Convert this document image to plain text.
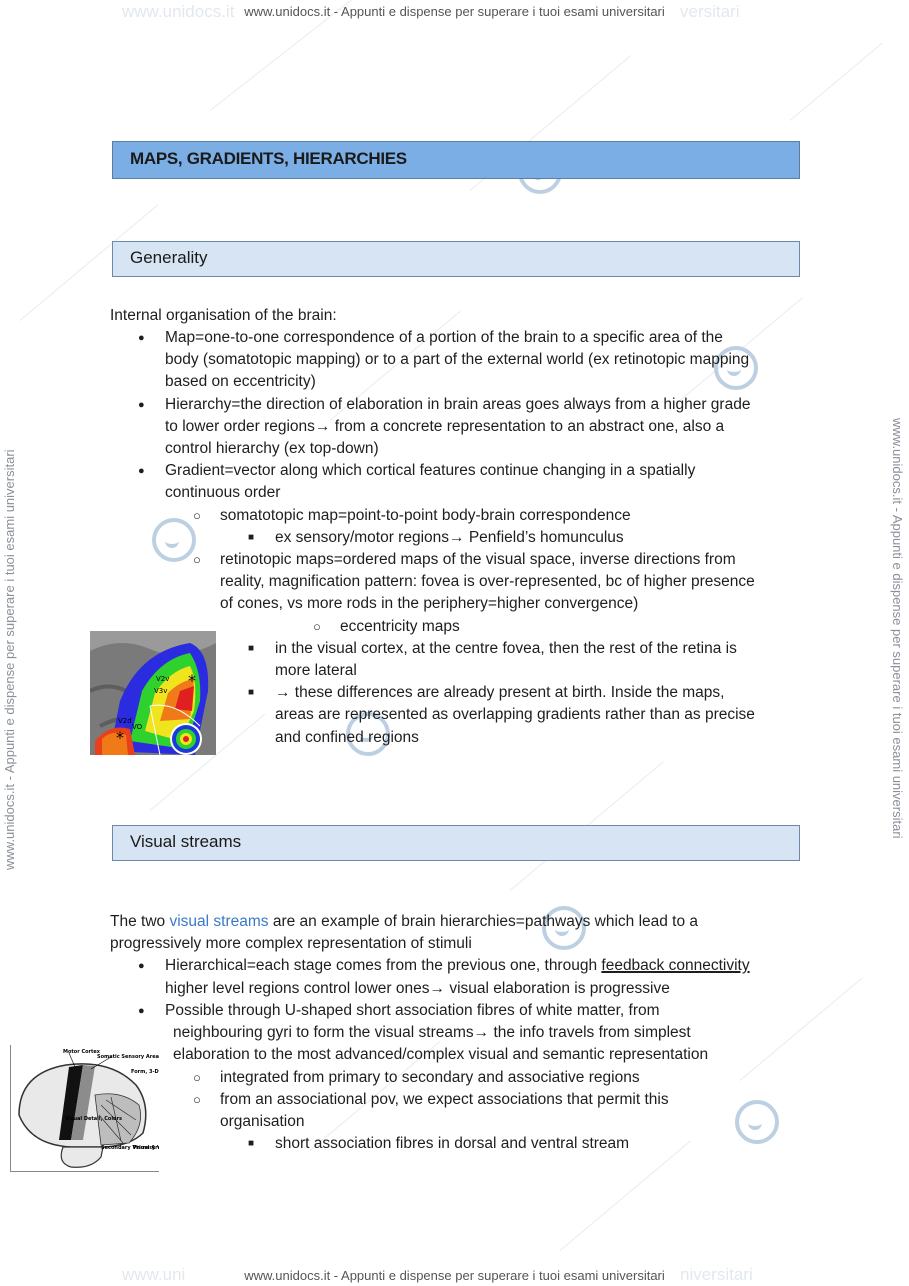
www.unidocs.it	versitari
www.unidocs.it - Appunti e dispense per superare i tuoi esami universitari
www.uni	niversitari
www.unidocs.it - Appunti e dispense per superare i tuoi esami universitari
www.unidocs.it - Appunti e dispense per superare i tuoi esami universitari	www.unidocs.it - Appunti e dispense per superare i tuoi esami universitari
MAPS, GRADIENTS, HIERARCHIES
Generality
Internal organisation of the brain:
● Map=one-to-one correspondence of a portion of the brain to a specific area of the
body (somatotopic mapping) or to a part of the external world (ex retinotopic mapping
based on eccentricity)
● Hierarchy=the direction of elaboration in brain areas goes always from a higher grade
to lower order regions→ from a concrete representation to an abstract one, also a
control hierarchy (ex top-down)
● Gradient=vector along which cortical features continue changing in a spatially
continuous order
○ somatotopic map=point-to-point body-brain correspondence
■ ex sensory/motor regions→ Penfield’s homunculus
○ retinotopic maps=ordered maps of the visual space, inverse directions from
reality, magnification pattern: fovea is over-represented, bc of higher presence
of cones, vs more rods in the periphery=higher convergence)
○ eccentricity maps
■ in the visual cortex, at the centre fovea, then the rest of the retina is
more lateral
■ → these differences are already present at birth. Inside the maps,
areas are represented as overlapping gradients rather than as precise
and confined regions
*
*
V2v
V3v
VO
V2d
Visual streams
The two visual streams are an example of brain hierarchies=pathways which lead to a
progressively more complex representation of stimuli
● Hierarchical=each stage comes from the previous one, through feedback connectivity
higher level regions control lower ones→ visual elaboration is progressive
● Possible through U-shaped short association fibres of white matter, from
neighbouring gyri to form the visual streams→ the info travels from simplest
elaboration to the most advanced/complex visual and semantic representation
○ integrated from primary to secondary and associative regions
○ from an associational pov, we expect associations that permit this
organisation
■ short association fibres in dorsal and ventral stream
Motor Cortex
Somatic Sensory Area I
Form, 3-D
Visual Detail, Colors
Secondary Visual Ar
Primary V
